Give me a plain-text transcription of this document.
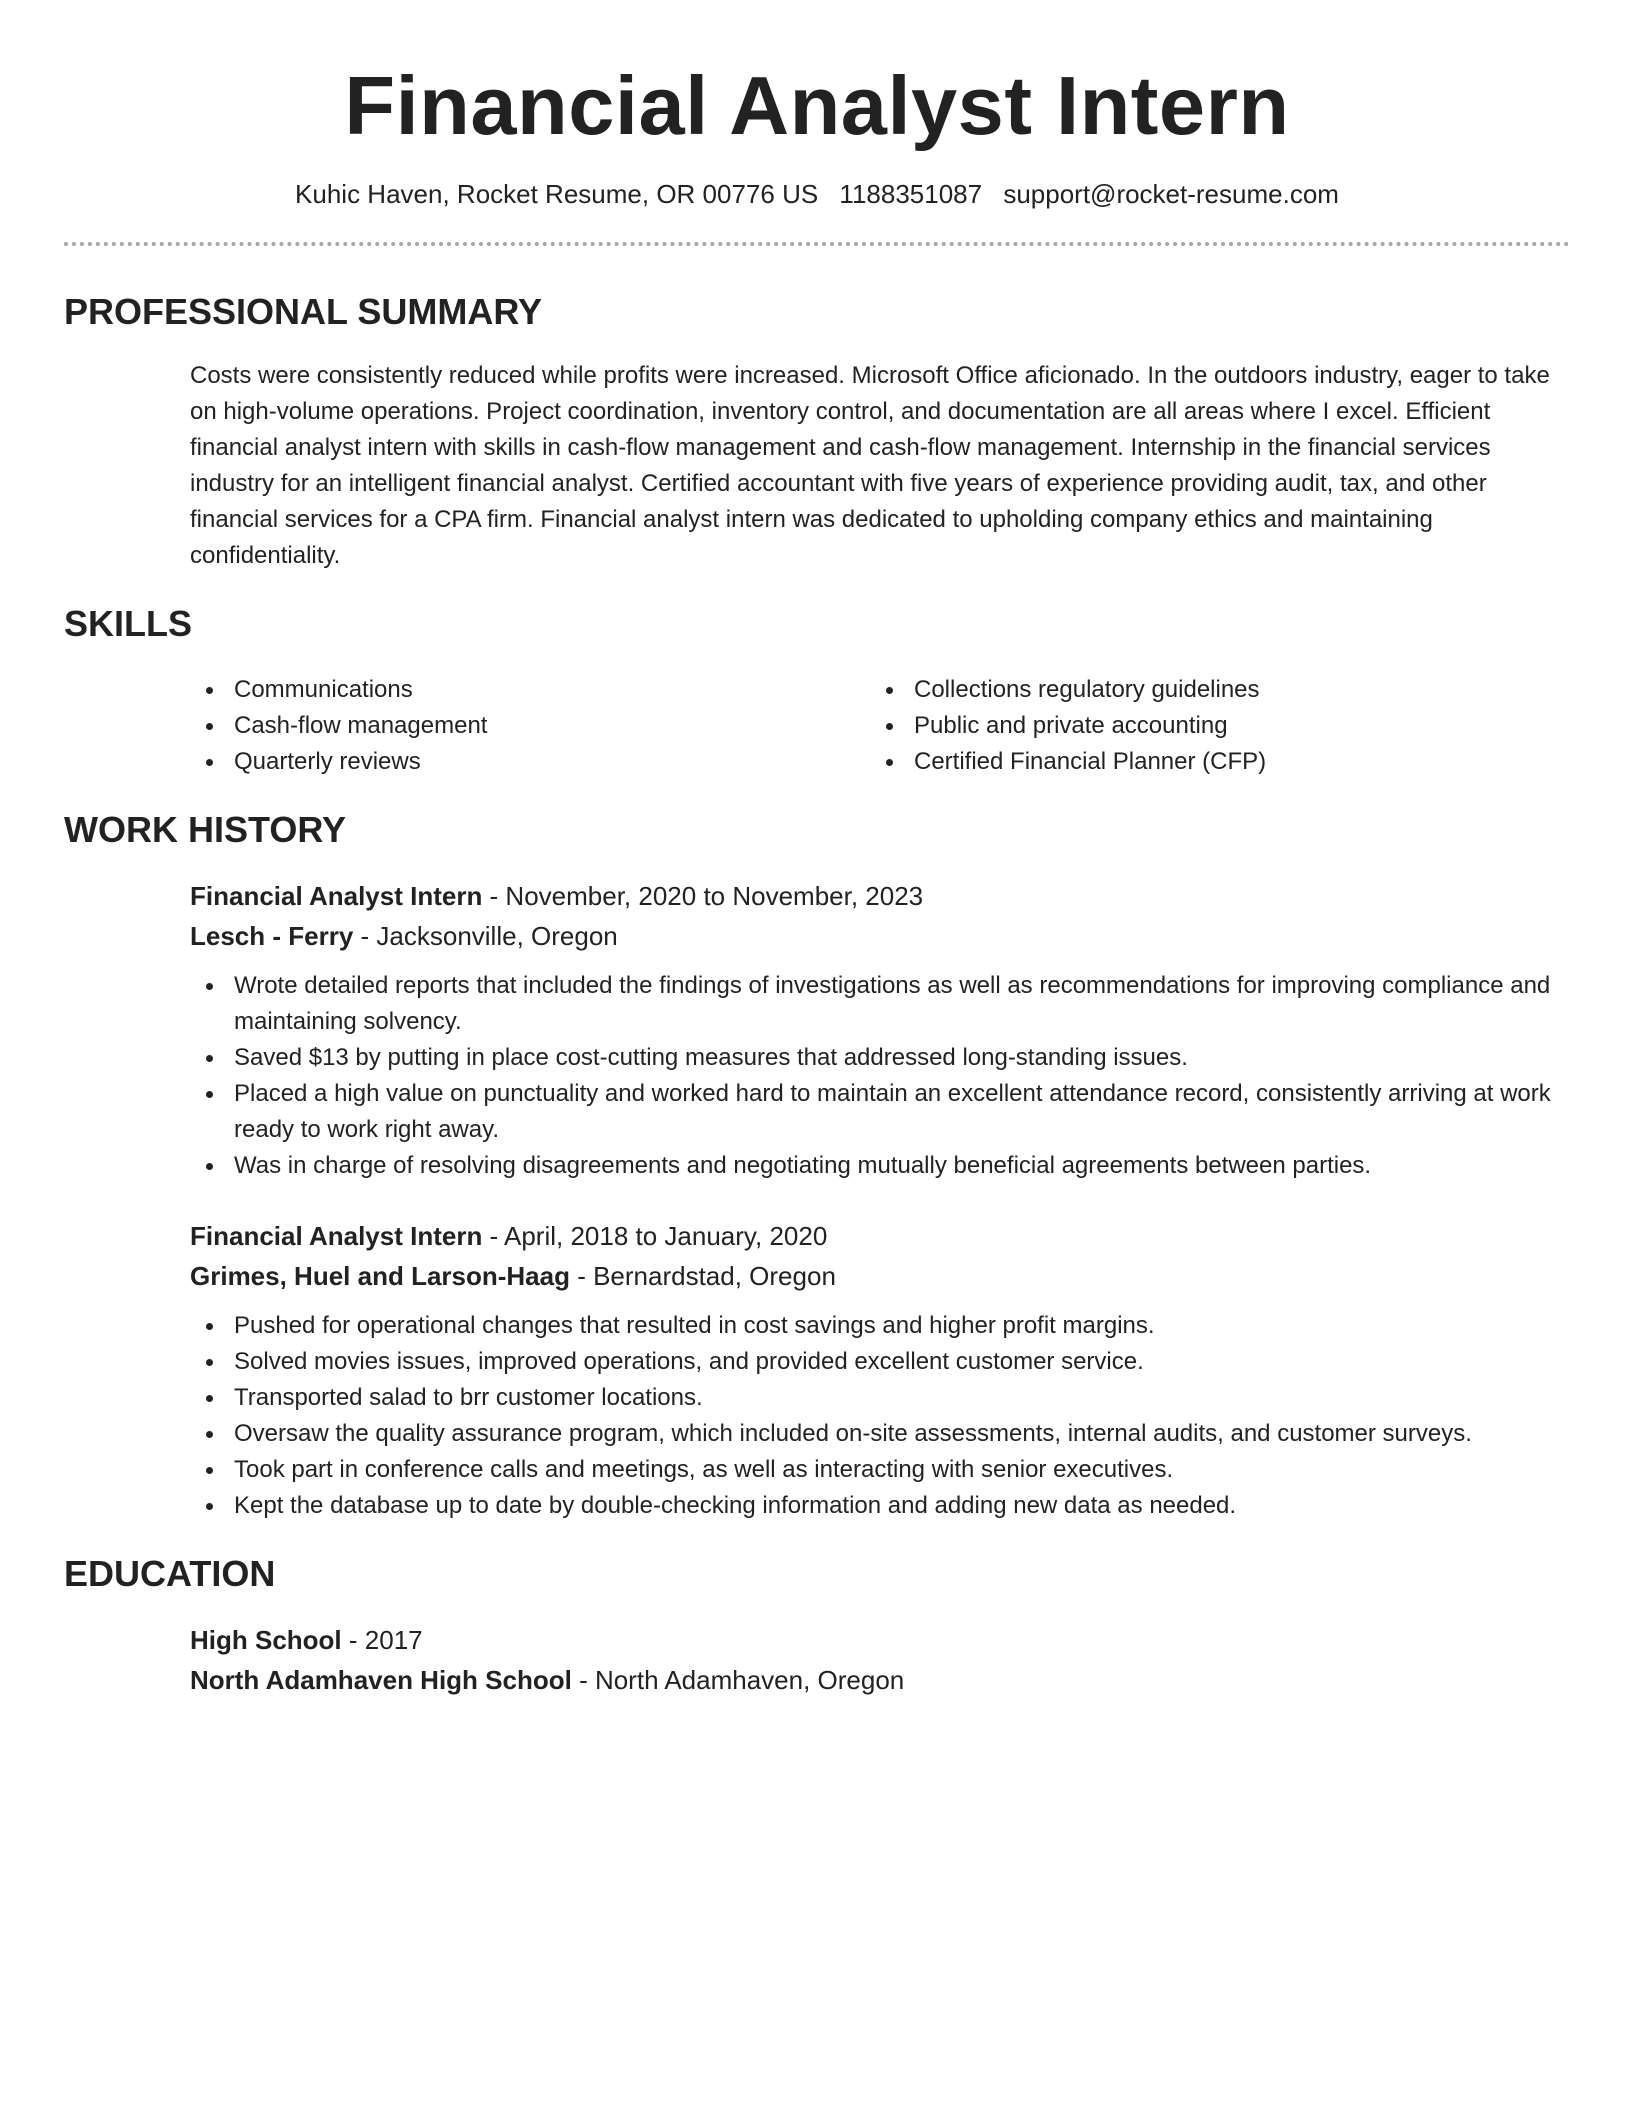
Financial Analyst Intern
Kuhic Haven, Rocket Resume, OR 00776 US 1188351087 support@rocket-resume.com
PROFESSIONAL SUMMARY

Costs were consistently reduced while profits were increased. Microsoft Office aficionado. In the outdoors industry, eager to take on high-volume operations. Project coordination, inventory control, and documentation are all areas where I excel. Efficient financial analyst intern with skills in cash-flow management and cash-flow management. Internship in the financial services industry for an intelligent financial analyst. Certified accountant with five years of experience providing audit, tax, and other financial services for a CPA firm. Financial analyst intern was dedicated to upholding company ethics and maintaining confidentiality.

SKILLS
Communications
Cash-flow management
Quarterly reviews
Collections regulatory guidelines
Public and private accounting
Certified Financial Planner (CFP)
WORK HISTORY
Financial Analyst Intern - November, 2020 to November, 2023
Lesch - Ferry - Jacksonville, Oregon
Wrote detailed reports that included the findings of investigations as well as recommendations for improving compliance and maintaining solvency.
Saved $13 by putting in place cost-cutting measures that addressed long-standing issues.
Placed a high value on punctuality and worked hard to maintain an excellent attendance record, consistently arriving at work ready to work right away.
Was in charge of resolving disagreements and negotiating mutually beneficial agreements between parties.
Financial Analyst Intern - April, 2018 to January, 2020
Grimes, Huel and Larson-Haag - Bernardstad, Oregon
Pushed for operational changes that resulted in cost savings and higher profit margins.
Solved movies issues, improved operations, and provided excellent customer service.
Transported salad to brr customer locations.
Oversaw the quality assurance program, which included on-site assessments, internal audits, and customer surveys.
Took part in conference calls and meetings, as well as interacting with senior executives.
Kept the database up to date by double-checking information and adding new data as needed.
EDUCATION
High School - 2017
North Adamhaven High School - North Adamhaven, Oregon
